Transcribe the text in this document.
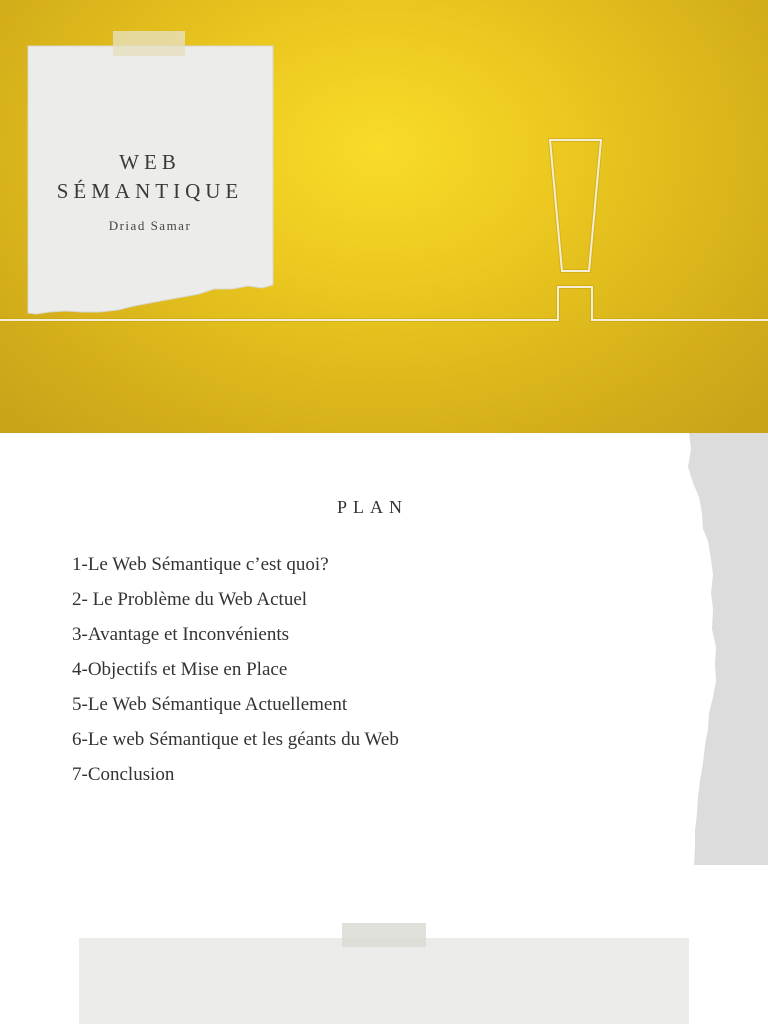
WEB
SÉMANTIQUE
Driad Samar
PLAN
1-Le Web Sémantique c’est quoi?
2- Le Problème du Web Actuel
3-Avantage et Inconvénients
4-Objectifs et Mise en Place
5-Le Web Sémantique Actuellement
6-Le web Sémantique et les géants du Web
7-Conclusion
